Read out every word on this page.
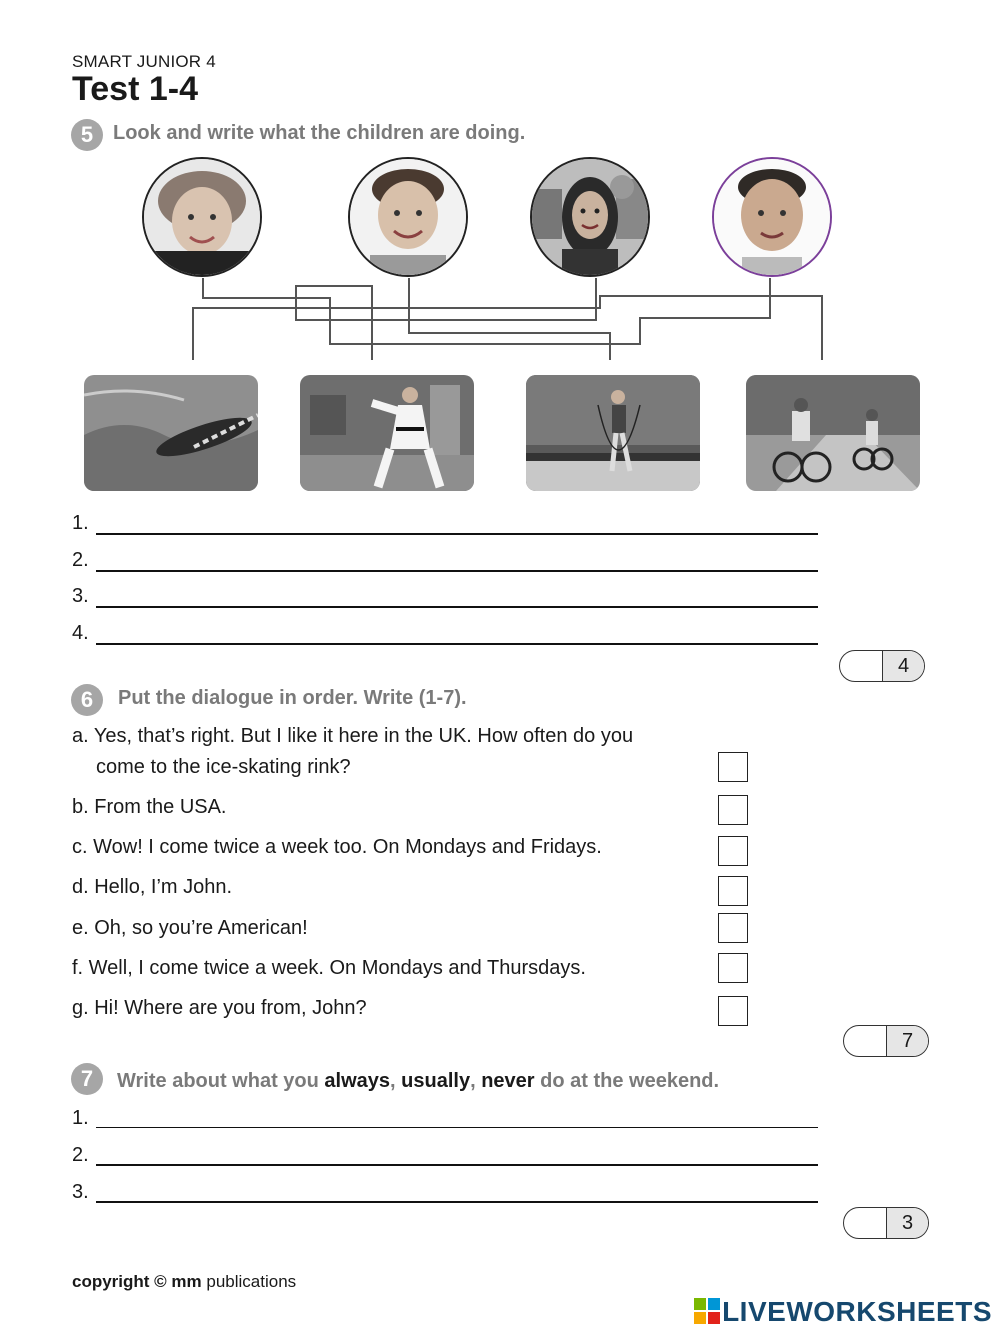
SMART JUNIOR 4
Test 1-4
5 Look and write what the children are doing.
1.
2.
3.
4.
4
6	Put the dialogue in order. Write (1-7).
a. Yes, that’s right. But I like it here in the UK. How often do you
come to the ice-skating rink?
b. From the USA.
c. Wow! I come twice a week too. On Mondays and Fridays.
d. Hello, I’m John.
e. Oh, so you’re American!
f. Well, I come twice a week. On Mondays and Thursdays.
g. Hi! Where are you from, John?
7
7	Write about what you always, usually, never do at the weekend.
1.
2.
3.
3
copyright © mm publications
LIVEWORKSHEETS
